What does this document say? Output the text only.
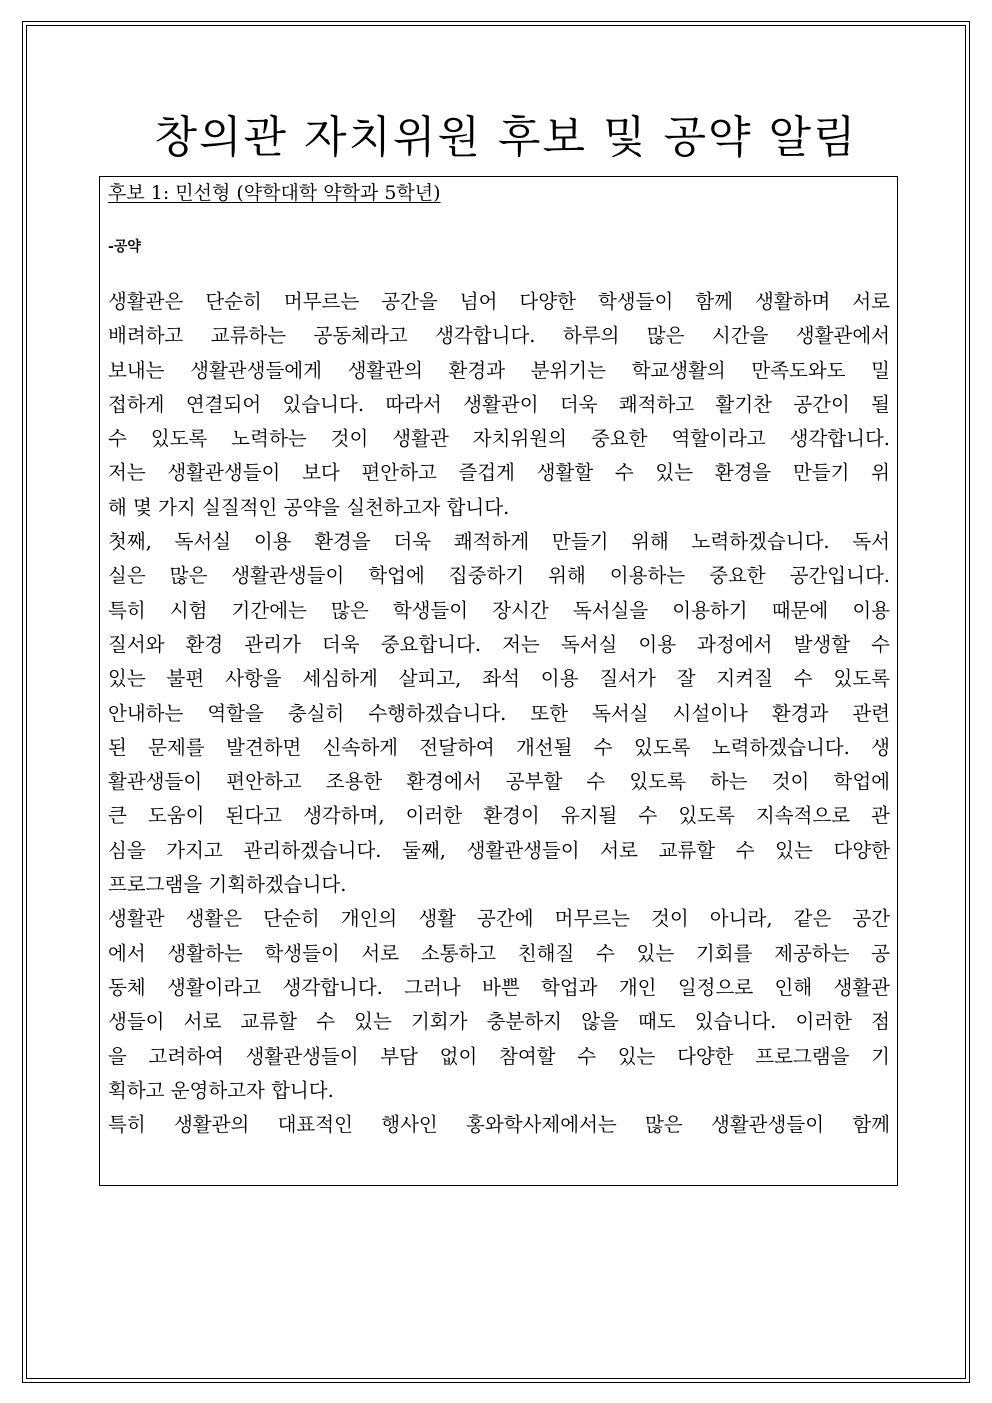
창의관 자치위원 후보 및 공약 알림
후보 1: 민선형 (약학대학 약학과 5학년)
-공약
생활관은 단순히 머무르는 공간을 넘어 다양한 학생들이 함께 생활하며 서로
배려하고 교류하는 공동체라고 생각합니다. 하루의 많은 시간을 생활관에서
보내는 생활관생들에게 생활관의 환경과 분위기는 학교생활의 만족도와도 밀
접하게 연결되어 있습니다. 따라서 생활관이 더욱 쾌적하고 활기찬 공간이 될
수 있도록 노력하는 것이 생활관 자치위원의 중요한 역할이라고 생각합니다.
저는 생활관생들이 보다 편안하고 즐겁게 생활할 수 있는 환경을 만들기 위
해 몇 가지 실질적인 공약을 실천하고자 합니다.
첫째, 독서실 이용 환경을 더욱 쾌적하게 만들기 위해 노력하겠습니다. 독서
실은 많은 생활관생들이 학업에 집중하기 위해 이용하는 중요한 공간입니다.
특히 시험 기간에는 많은 학생들이 장시간 독서실을 이용하기 때문에 이용
질서와 환경 관리가 더욱 중요합니다. 저는 독서실 이용 과정에서 발생할 수
있는 불편 사항을 세심하게 살피고, 좌석 이용 질서가 잘 지켜질 수 있도록
안내하는 역할을 충실히 수행하겠습니다. 또한 독서실 시설이나 환경과 관련
된 문제를 발견하면 신속하게 전달하여 개선될 수 있도록 노력하겠습니다. 생
활관생들이 편안하고 조용한 환경에서 공부할 수 있도록 하는 것이 학업에
큰 도움이 된다고 생각하며, 이러한 환경이 유지될 수 있도록 지속적으로 관
심을 가지고 관리하겠습니다. 둘째, 생활관생들이 서로 교류할 수 있는 다양한
프로그램을 기획하겠습니다.
생활관 생활은 단순히 개인의 생활 공간에 머무르는 것이 아니라, 같은 공간
에서 생활하는 학생들이 서로 소통하고 친해질 수 있는 기회를 제공하는 공
동체 생활이라고 생각합니다. 그러나 바쁜 학업과 개인 일정으로 인해 생활관
생들이 서로 교류할 수 있는 기회가 충분하지 않을 때도 있습니다. 이러한 점
을 고려하여 생활관생들이 부담 없이 참여할 수 있는 다양한 프로그램을 기
획하고 운영하고자 합니다.
특히 생활관의 대표적인 행사인 홍와학사제에서는 많은 생활관생들이 함께
